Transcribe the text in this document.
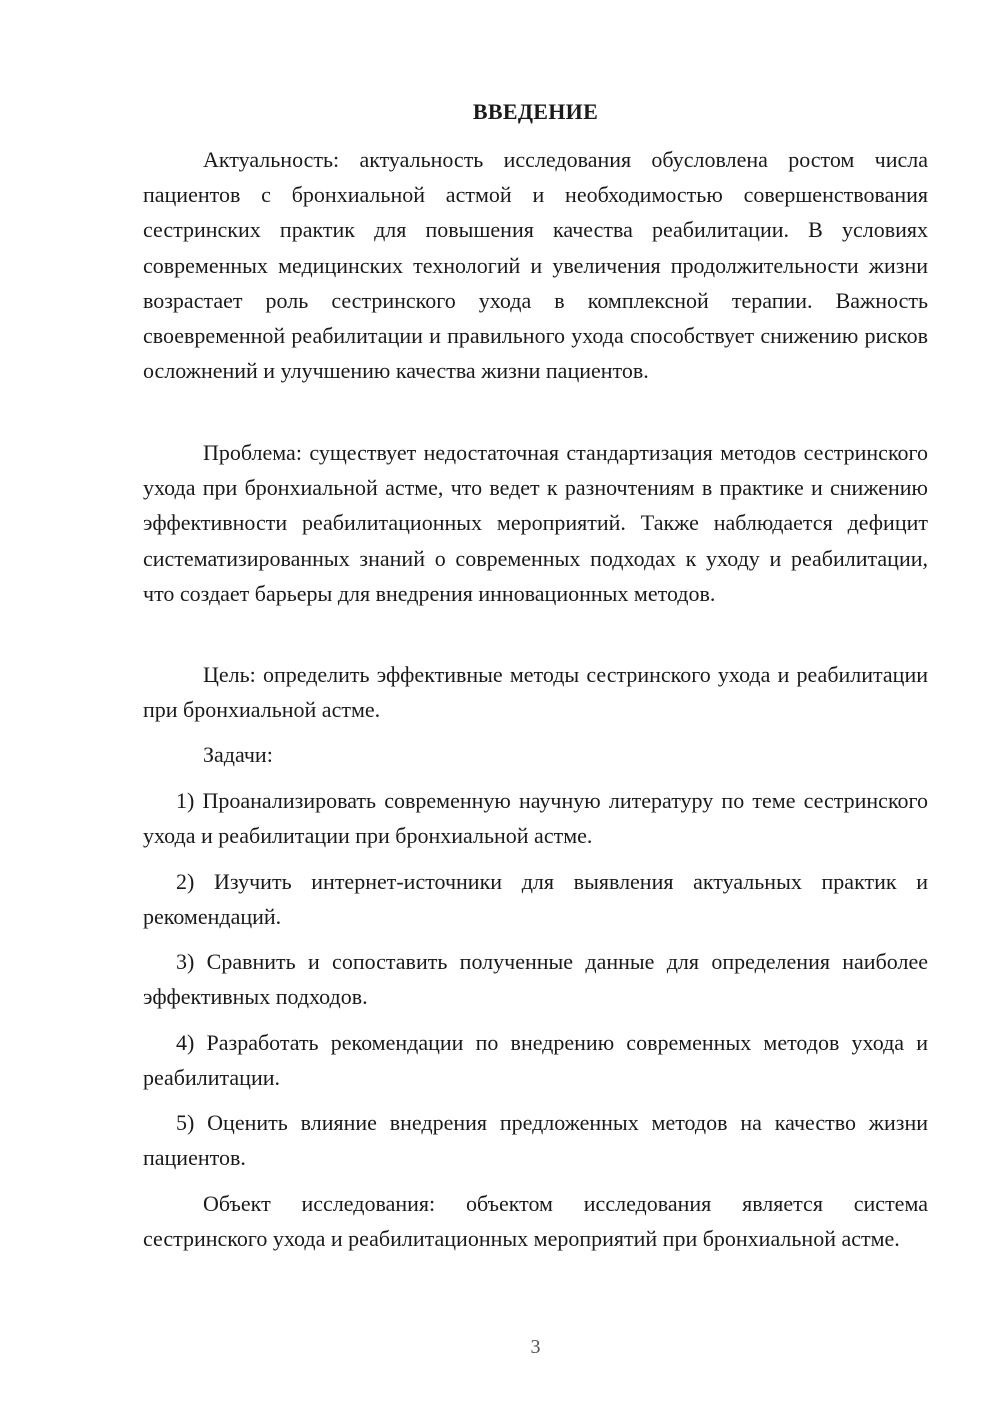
ВВЕДЕНИЕ

Актуальность: актуальность исследования обусловлена ростом числа пациентов с бронхиальной астмой и необходимостью совершенствования сестринских практик для повышения качества реабилитации. В условиях современных медицинских технологий и увеличения продолжительности жизни возрастает роль сестринского ухода в комплексной терапии. Важность своевременной реабилитации и правильного ухода способствует снижению рисков осложнений и улучшению качества жизни пациентов.

Проблема: существует недостаточная стандартизация методов сестринского ухода при бронхиальной астме, что ведет к разночтениям в практике и снижению эффективности реабилитационных мероприятий. Также наблюдается дефицит систематизированных знаний о современных подходах к уходу и реабилитации, что создает барьеры для внедрения инновационных методов.

Цель: определить эффективные методы сестринского ухода и реабилитации при бронхиальной астме.

Задачи:

1) Проанализировать современную научную литературу по теме сестринского ухода и реабилитации при бронхиальной астме.

2) Изучить интернет-источники для выявления актуальных практик и рекомендаций.

3) Сравнить и сопоставить полученные данные для определения наиболее эффективных подходов.

4) Разработать рекомендации по внедрению современных методов ухода и реабилитации.

5) Оценить влияние внедрения предложенных методов на качество жизни пациентов.

Объект исследования: объектом исследования является система сестринского ухода и реабилитационных мероприятий при бронхиальной астме.

3
